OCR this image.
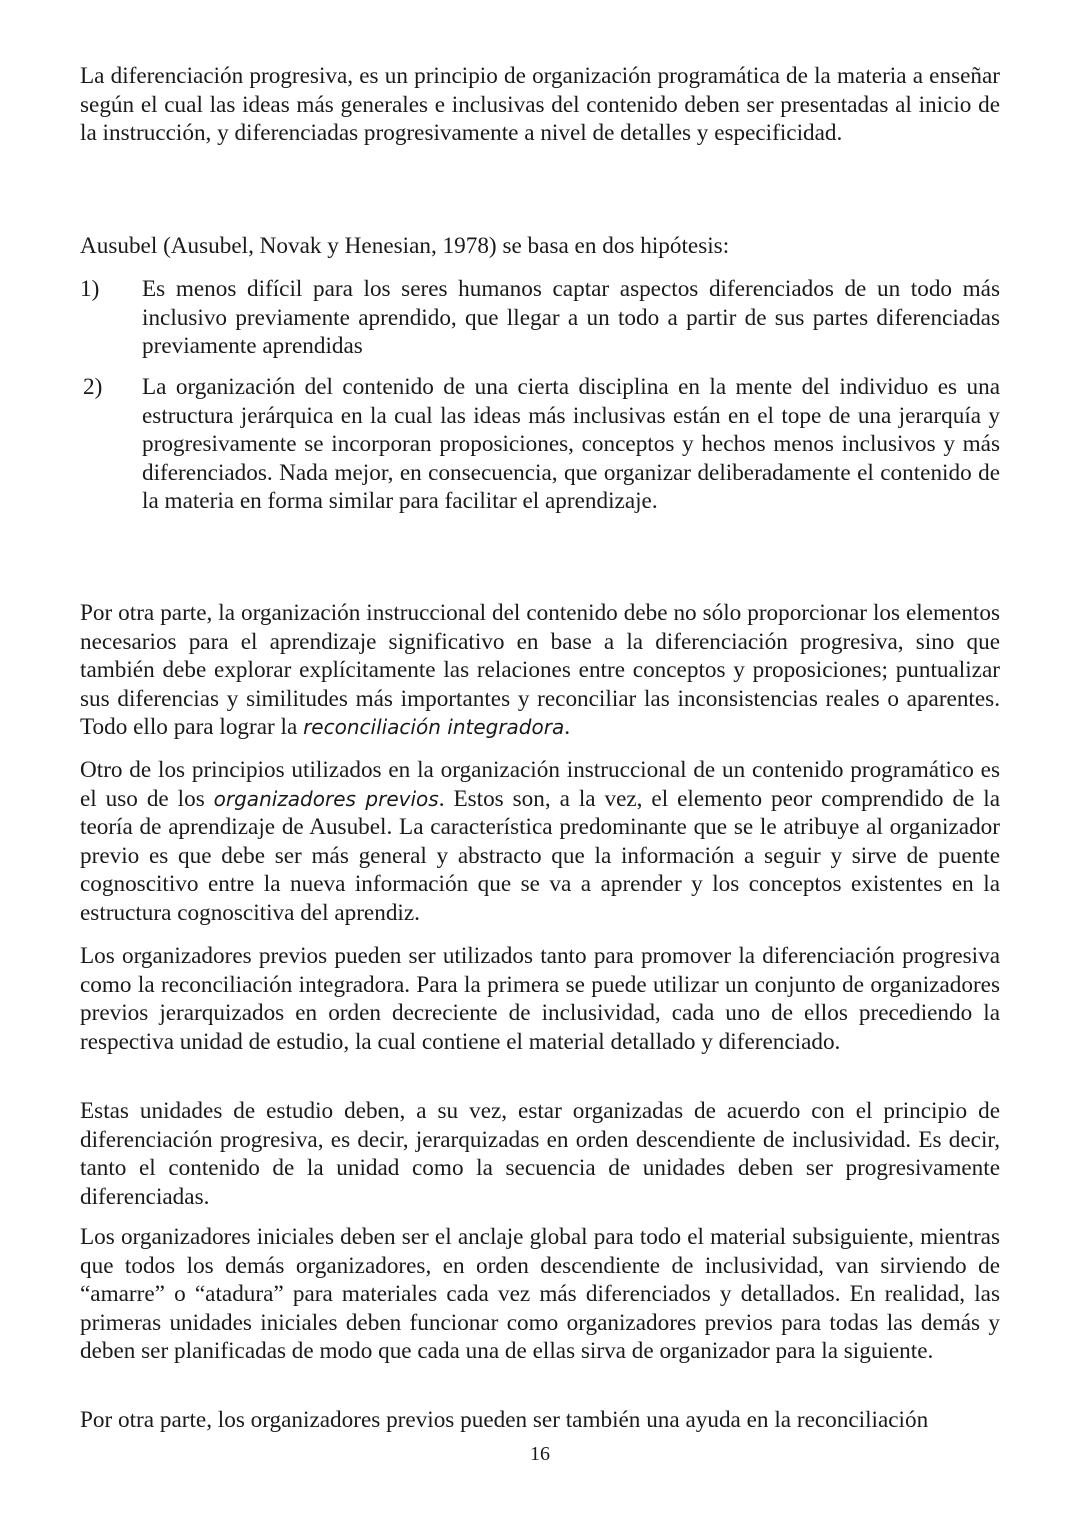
La diferenciación progresiva, es un principio de organización programática de la materia a enseñar según el cual las ideas más generales e inclusivas del contenido deben ser presentadas al inicio de la instrucción, y diferenciadas progresivamente a nivel de detalles y especificidad.

Ausubel (Ausubel, Novak y Henesian, 1978) se basa en dos hipótesis:

1) Es menos difícil para los seres humanos captar aspectos diferenciados de un todo más inclusivo previamente aprendido, que llegar a un todo a partir de sus partes diferenciadas previamente aprendidas

2) La organización del contenido de una cierta disciplina en la mente del individuo es una estructura jerárquica en la cual las ideas más inclusivas están en el tope de una jerarquía y progresivamente se incorporan proposiciones, conceptos y hechos menos inclusivos y más diferenciados. Nada mejor, en consecuencia, que organizar deliberadamente el contenido de la materia en forma similar para facilitar el aprendizaje.

Por otra parte, la organización instruccional del contenido debe no sólo proporcionar los elementos necesarios para el aprendizaje significativo en base a la diferenciación progresiva, sino que también debe explorar explícitamente las relaciones entre conceptos y proposiciones; puntualizar sus diferencias y similitudes más importantes y reconciliar las inconsistencias reales o aparentes. Todo ello para lograr la reconciliación integradora.

Otro de los principios utilizados en la organización instruccional de un contenido programático es el uso de los organizadores previos. Estos son, a la vez, el elemento peor comprendido de la teoría de aprendizaje de Ausubel. La característica predominante que se le atribuye al organizador previo es que debe ser más general y abstracto que la información a seguir y sirve de puente cognoscitivo entre la nueva información que se va a aprender y los conceptos existentes en la estructura cognoscitiva del aprendiz.

Los organizadores previos pueden ser utilizados tanto para promover la diferenciación progresiva como la reconciliación integradora. Para la primera se puede utilizar un conjunto de organizadores previos jerarquizados en orden decreciente de inclusividad, cada uno de ellos precediendo la respectiva unidad de estudio, la cual contiene el material detallado y diferenciado.

Estas unidades de estudio deben, a su vez, estar organizadas de acuerdo con el principio de diferenciación progresiva, es decir, jerarquizadas en orden descendiente de inclusividad. Es decir, tanto el contenido de la unidad como la secuencia de unidades deben ser progresivamente diferenciadas.

Los organizadores iniciales deben ser el anclaje global para todo el material subsiguiente, mientras que todos los demás organizadores, en orden descendiente de inclusividad, van sirviendo de “amarre” o “atadura” para materiales cada vez más diferenciados y detallados. En realidad, las primeras unidades iniciales deben funcionar como organizadores previos para todas las demás y deben ser planificadas de modo que cada una de ellas sirva de organizador para la siguiente.

Por otra parte, los organizadores previos pueden ser también una ayuda en la reconciliación

16
